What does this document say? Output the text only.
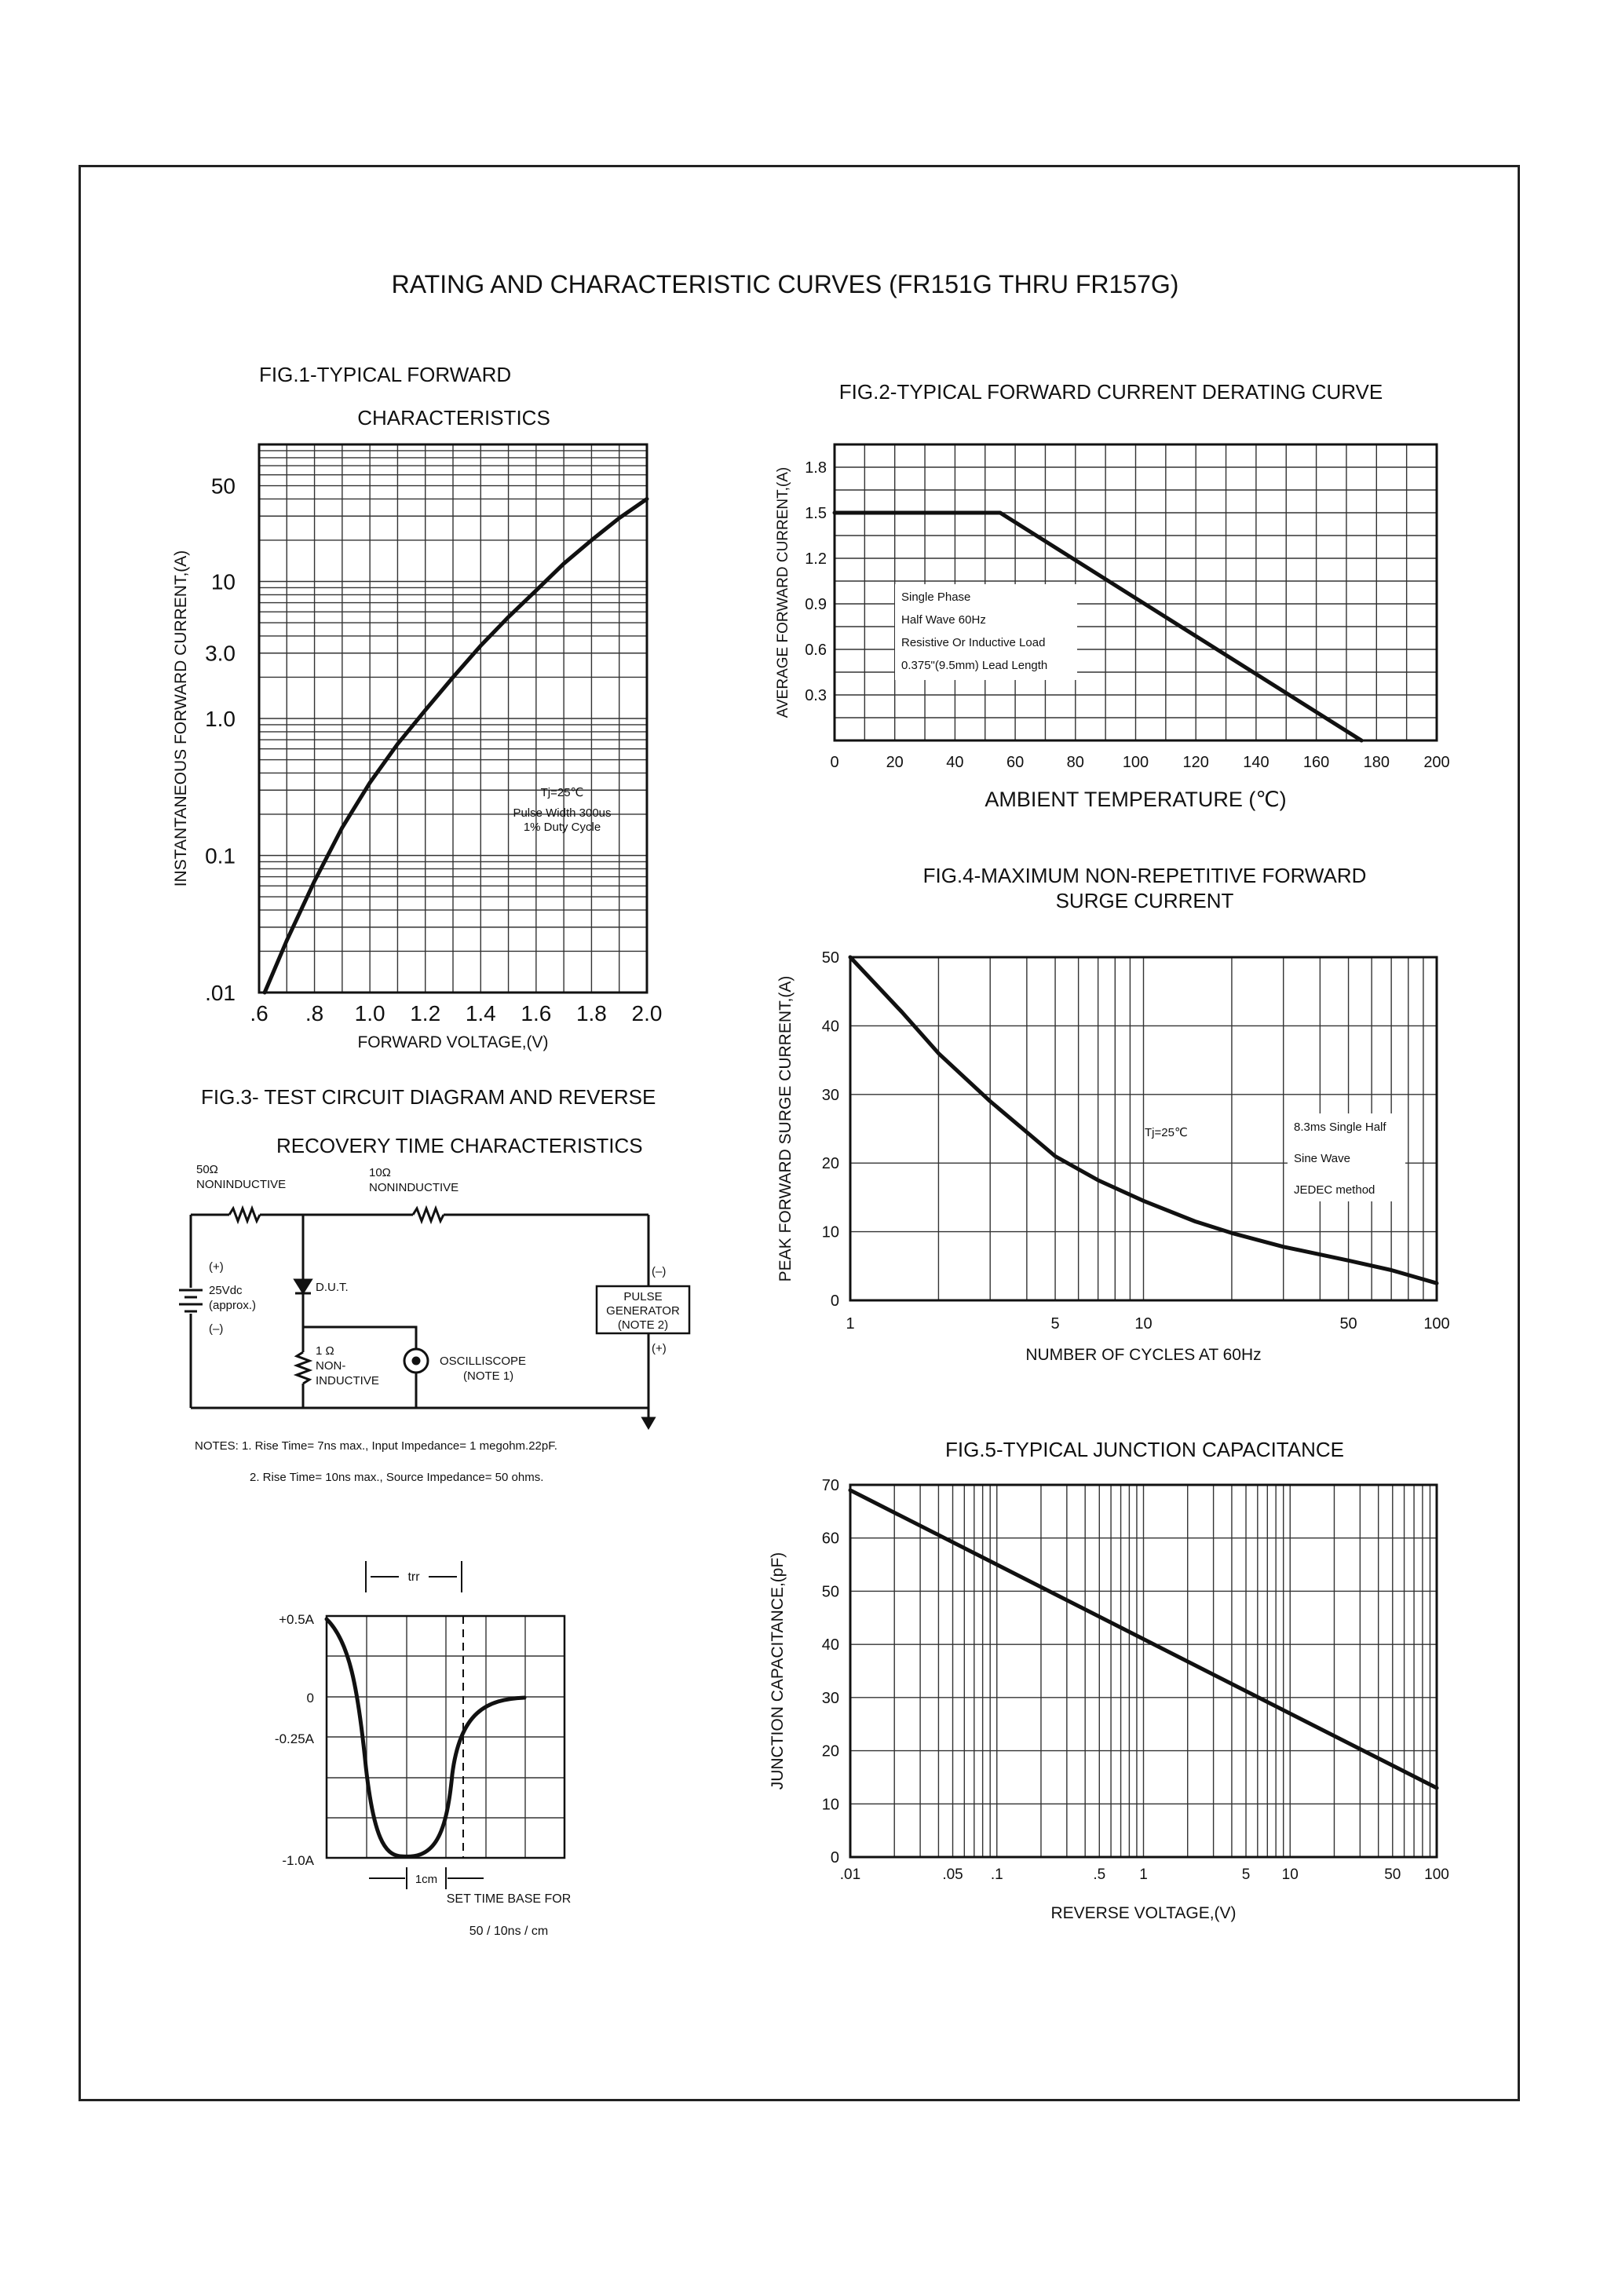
RATING AND CHARACTERISTIC CURVES (FR151G THRU FR157G)
FIG.1-TYPICAL FORWARD
CHARACTERISTICS
FIG.2-TYPICAL FORWARD CURRENT DERATING CURVE
FIG.3- TEST CIRCUIT DIAGRAM AND REVERSE
RECOVERY TIME CHARACTERISTICS
FIG.4-MAXIMUM NON-REPETITIVE FORWARD
SURGE CURRENT
FIG.5-TYPICAL JUNCTION CAPACITANCE
.6 .8 1.0 1.2 1.4 1.6 1.8 2.0
.01
0.1
1.0
3.0
10
50
FORWARD VOLTAGE,(V)
INSTANTANEOUS FORWARD CURRENT,(A)	0	20	40	60	80 100 120 140 160 180 200
0.3
0.6
0.9
1.2
1.5
1.8
AMBIENT TEMPERATURE (℃)
AVERAGE FORWARD CURRENT,(A)
1	5	10	50	100
0
10
20
30
40
50
NUMBER OF CYCLES AT 60Hz
PEAK FORWARD SURGE CURRENT,(A)
.01	.05 .1	.5 1	5 10	50 100
0
10
20
30
40
50
60
70
REVERSE VOLTAGE,(V)
JUNCTION CAPACITANCE,(pF)
+0.5A
0
-0.25A
-1.0A
trr
1cm
SET TIME BASE FOR
50 / 10ns / cm
Tj=25℃
Pulse Width 300us
1% Duty Cycle
Single Phase
Half Wave 60Hz
Resistive Or Inductive Load
0.375"(9.5mm) Lead Length
Tj=25℃	8.3ms Single Half
Sine Wave
JEDEC method
50Ω
NONINDUCTIVE
10Ω
NONINDUCTIVE
(+)
25Vdc
(approx.)
(–)
D.U.T.
1 Ω
NON-
INDUCTIVE
OSCILLISCOPE
(NOTE 1)
(–)
PULSE
GENERATOR
(NOTE 2)
(+)
NOTES: 1. Rise Time= 7ns max., Input Impedance= 1 megohm.22pF.
2. Rise Time= 10ns max., Source Impedance= 50 ohms.
